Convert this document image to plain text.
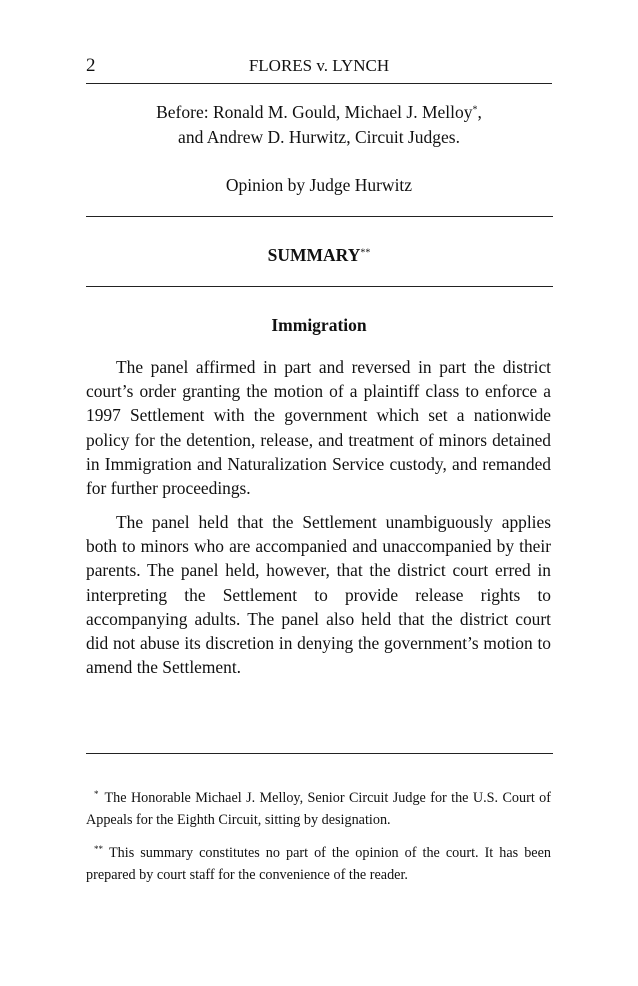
2	FLORES v. LYNCH
Before: Ronald M. Gould, Michael J. Melloy*,
and Andrew D. Hurwitz, Circuit Judges.
Opinion by Judge Hurwitz
SUMMARY**
Immigration

The panel affirmed in part and reversed in part the district court’s order granting the motion of a plaintiff class to enforce a 1997 Settlement with the government which set a nationwide policy for the detention, release, and treatment of minors detained in Immigration and Naturalization Service custody, and remanded for further proceedings.

The panel held that the Settlement unambiguously applies both to minors who are accompanied and unaccompanied by their parents. The panel held, however, that the district court erred in interpreting the Settlement to provide release rights to accompanying adults. The panel also held that the district court did not abuse its discretion in denying the government’s motion to amend the Settlement.

* The Honorable Michael J. Melloy, Senior Circuit Judge for the U.S. Court of Appeals for the Eighth Circuit, sitting by designation.
** This summary constitutes no part of the opinion of the court. It has been prepared by court staff for the convenience of the reader.
